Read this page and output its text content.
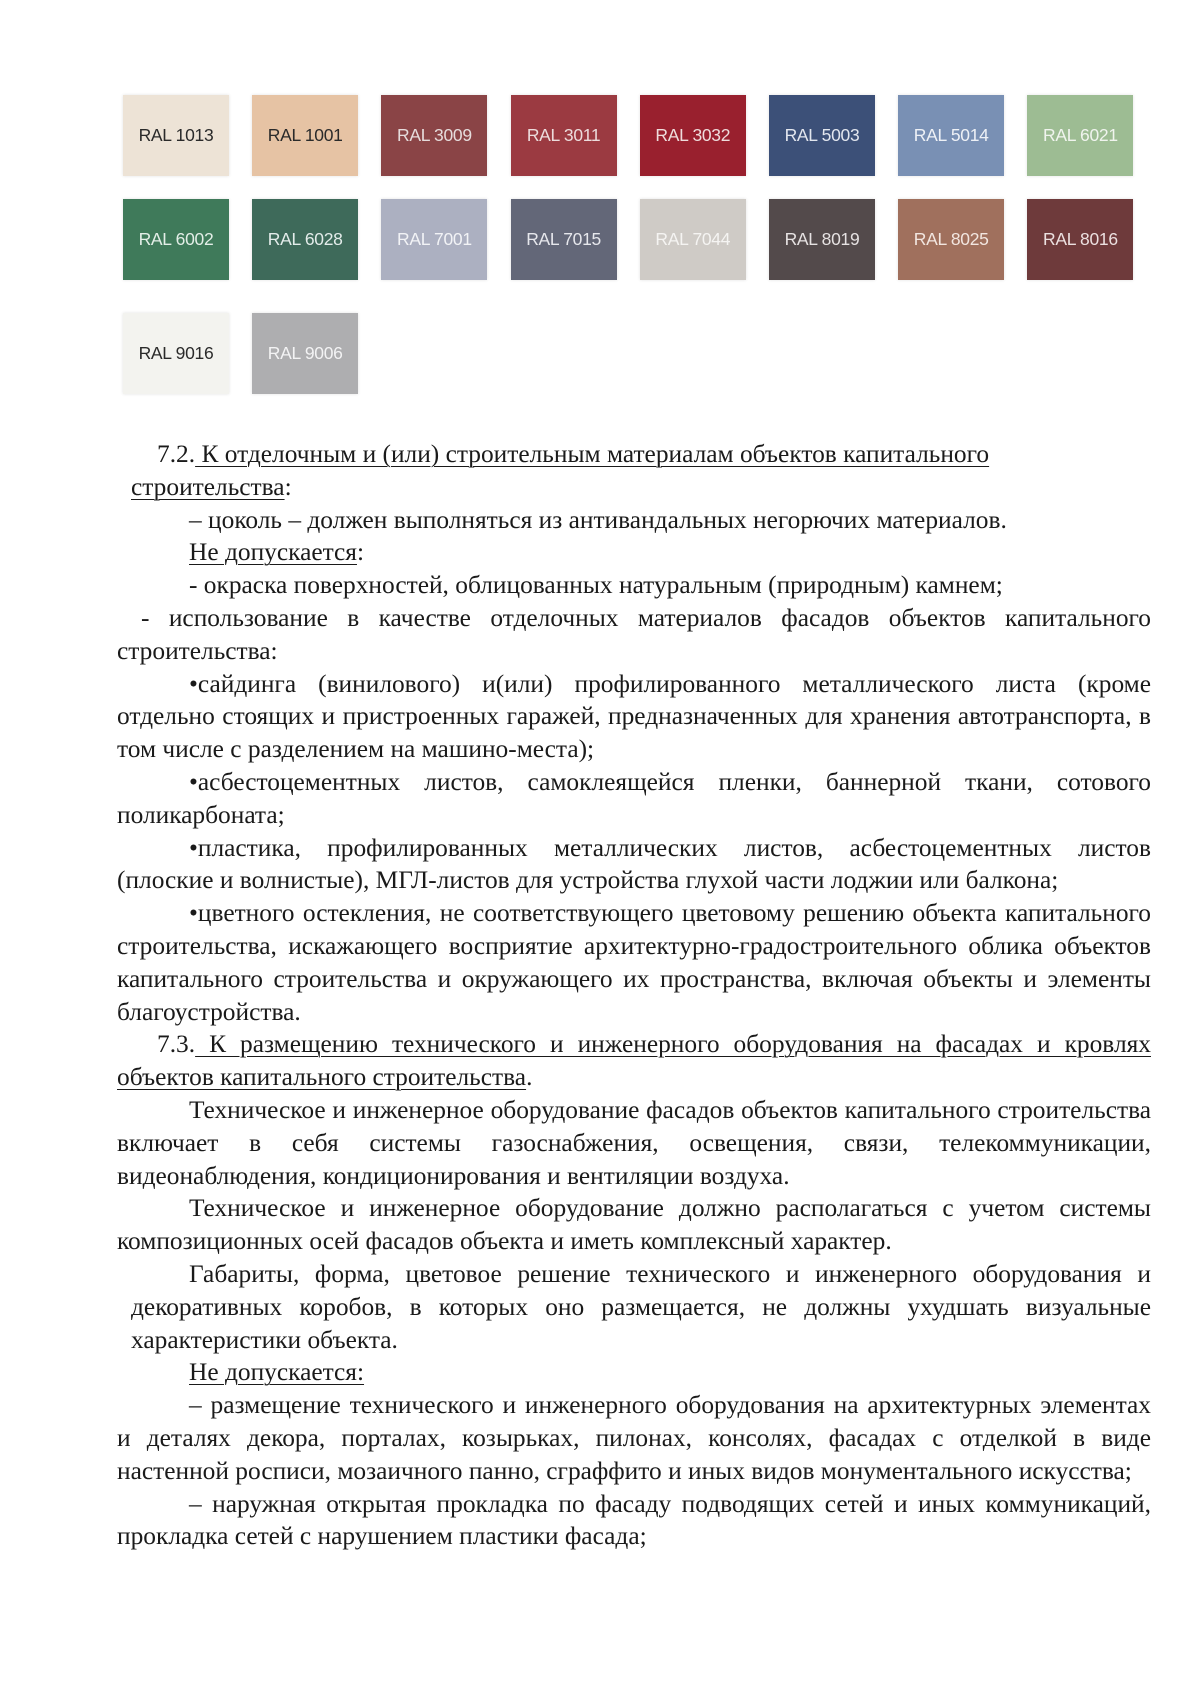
RAL 1013	RAL 1001	RAL 3009	RAL 3011	RAL 3032	RAL 5003	RAL 5014	RAL 6021
RAL 6002	RAL 6028	RAL 7001	RAL 7015	RAL 7044	RAL 8019	RAL 8025	RAL 8016
RAL 9016	RAL 9006

7.2. К отделочным и (или) строительным материалам объектов капитального

строительства:

– цоколь – должен выполняться из антивандальных негорючих материалов.

Не допускается:

- окраска поверхностей, облицованных натуральным (природным) камнем;

- использование в качестве отделочных материалов фасадов объектов капитального строительства:

•сайдинга (винилового) и(или) профилированного металлического листа (кроме отдельно стоящих и пристроенных гаражей, предназначенных для хранения автотранспорта, в том числе с разделением на машино-места);

•асбестоцементных листов, самоклеящейся пленки, баннерной ткани, сотового поликарбоната;

•пластика, профилированных металлических листов, асбестоцементных листов (плоские и волнистые), МГЛ-листов для устройства глухой части лоджии или балкона;

•цветного остекления, не соответствующего цветовому решению объекта капитального строительства, искажающего восприятие архитектурно-градостроительного облика объектов капитального строительства и окружающего их пространства, включая объекты и элементы благоустройства.

7.3. К размещению технического и инженерного оборудования на фасадах и кровлях объектов капитального строительства.

Техническое и инженерное оборудование фасадов объектов капитального строительства включает в себя системы газоснабжения, освещения, связи, телекоммуникации, видеонаблюдения, кондиционирования и вентиляции воздуха.

Техническое и инженерное оборудование должно располагаться с учетом системы композиционных осей фасадов объекта и иметь комплексный характер.

Габариты, форма, цветовое решение технического и инженерного оборудования и декоративных коробов, в которых оно размещается, не должны ухудшать визуальные характеристики объекта.

Не допускается:

– размещение технического и инженерного оборудования на архитектурных элементах и деталях декора, порталах, козырьках, пилонах, консолях, фасадах с отделкой в виде настенной росписи, мозаичного панно, сграффито и иных видов монументального искусства;

– наружная открытая прокладка по фасаду подводящих сетей и иных коммуникаций, прокладка сетей с нарушением пластики фасада;
